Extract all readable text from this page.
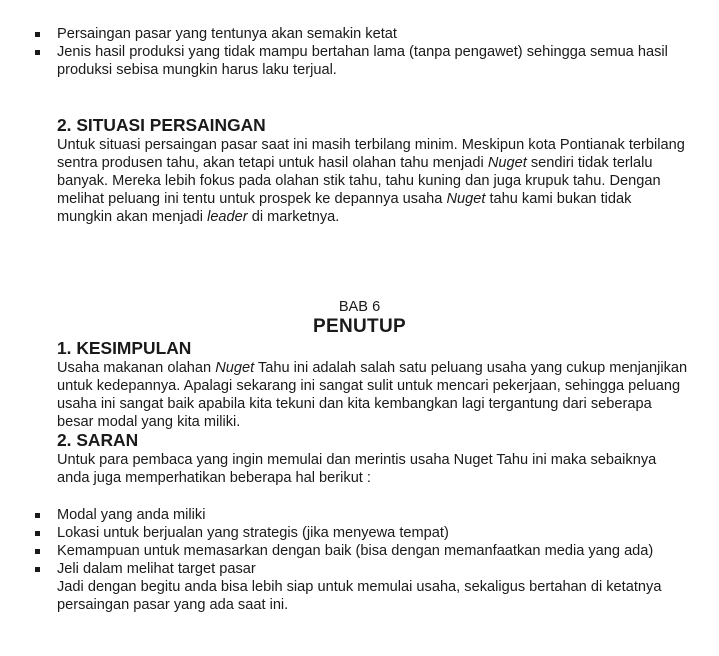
Persaingan pasar yang tentunya akan semakin ketat
Jenis hasil produksi yang tidak mampu bertahan lama (tanpa pengawet) sehingga semua hasil produksi sebisa mungkin harus laku terjual.

2. SITUASI PERSAINGAN

Untuk situasi persaingan pasar saat ini masih terbilang minim. Meskipun kota Pontianak terbilang sentra produsen tahu, akan tetapi untuk hasil olahan tahu menjadi Nuget sendiri tidak terlalu banyak. Mereka lebih fokus pada olahan stik tahu, tahu kuning dan juga krupuk tahu. Dengan melihat peluang ini tentu untuk prospek ke depannya usaha Nuget tahu kami bukan tidak mungkin akan menjadi leader di marketnya.

BAB 6

PENUTUP

1. KESIMPULAN

Usaha makanan olahan Nuget Tahu ini adalah salah satu peluang usaha yang cukup menjanjikan untuk kedepannya. Apalagi sekarang ini sangat sulit untuk mencari pekerjaan, sehingga peluang usaha ini sangat baik apabila kita tekuni dan kita kembangkan lagi tergantung dari seberapa besar modal yang kita miliki.

2. SARAN

Untuk para pembaca yang ingin memulai dan merintis usaha Nuget Tahu ini maka sebaiknya anda juga memperhatikan beberapa hal berikut :

Modal yang anda miliki
Lokasi untuk berjualan yang strategis (jika menyewa tempat)
Kemampuan untuk memasarkan dengan baik (bisa dengan memanfaatkan media yang ada)
Jeli dalam melihat target pasar

Jadi dengan begitu anda bisa lebih siap untuk memulai usaha, sekaligus bertahan di ketatnya persaingan pasar yang ada saat ini.
